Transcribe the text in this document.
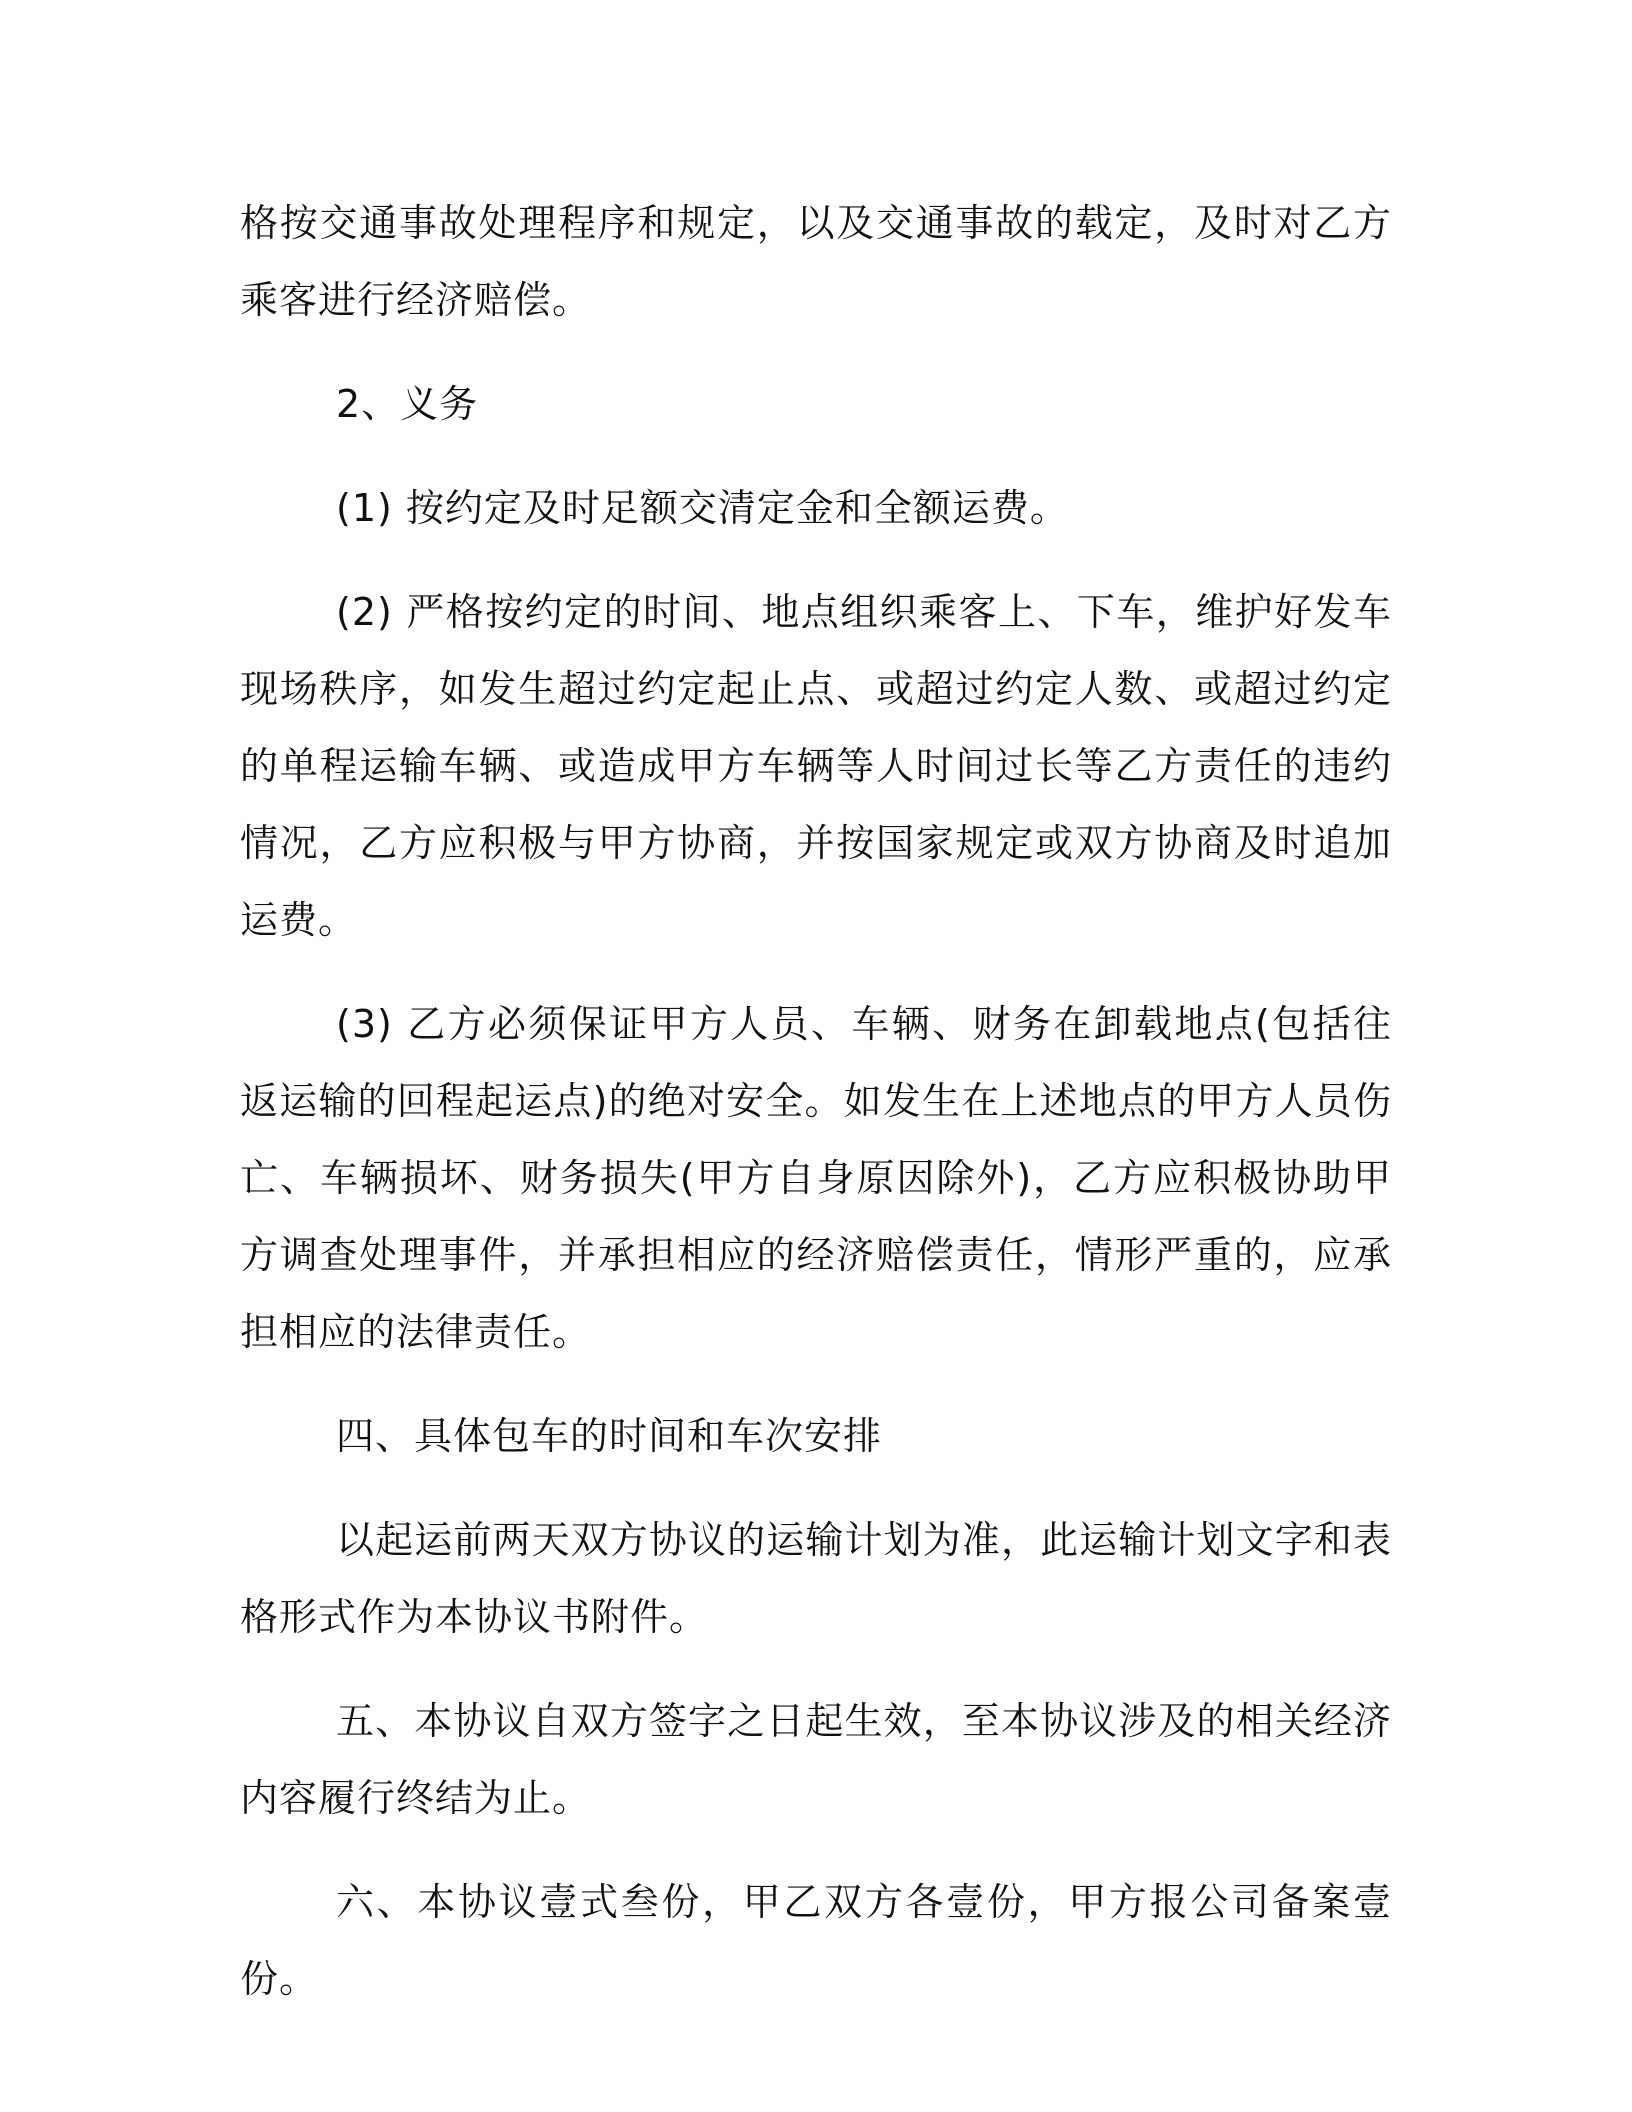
格按交通事故处理程序和规定，以及交通事故的载定，及时对乙方乘客进行经济赔偿。

2、义务

(1) 按约定及时足额交清定金和全额运费。

(2) 严格按约定的时间、地点组织乘客上、下车，维护好发车现场秩序，如发生超过约定起止点、或超过约定人数、或超过约定的单程运输车辆、或造成甲方车辆等人时间过长等乙方责任的违约情况，乙方应积极与甲方协商，并按国家规定或双方协商及时追加运费。

(3) 乙方必须保证甲方人员、车辆、财务在卸载地点(包括往返运输的回程起运点)的绝对安全。如发生在上述地点的甲方人员伤亡、车辆损坏、财务损失(甲方自身原因除外)，乙方应积极协助甲方调查处理事件，并承担相应的经济赔偿责任，情形严重的，应承担相应的法律责任。

四、具体包车的时间和车次安排

以起运前两天双方协议的运输计划为准，此运输计划文字和表格形式作为本协议书附件。

五、本协议自双方签字之日起生效，至本协议涉及的相关经济内容履行终结为止。

六、本协议壹式叁份，甲乙双方各壹份，甲方报公司备案壹份。
